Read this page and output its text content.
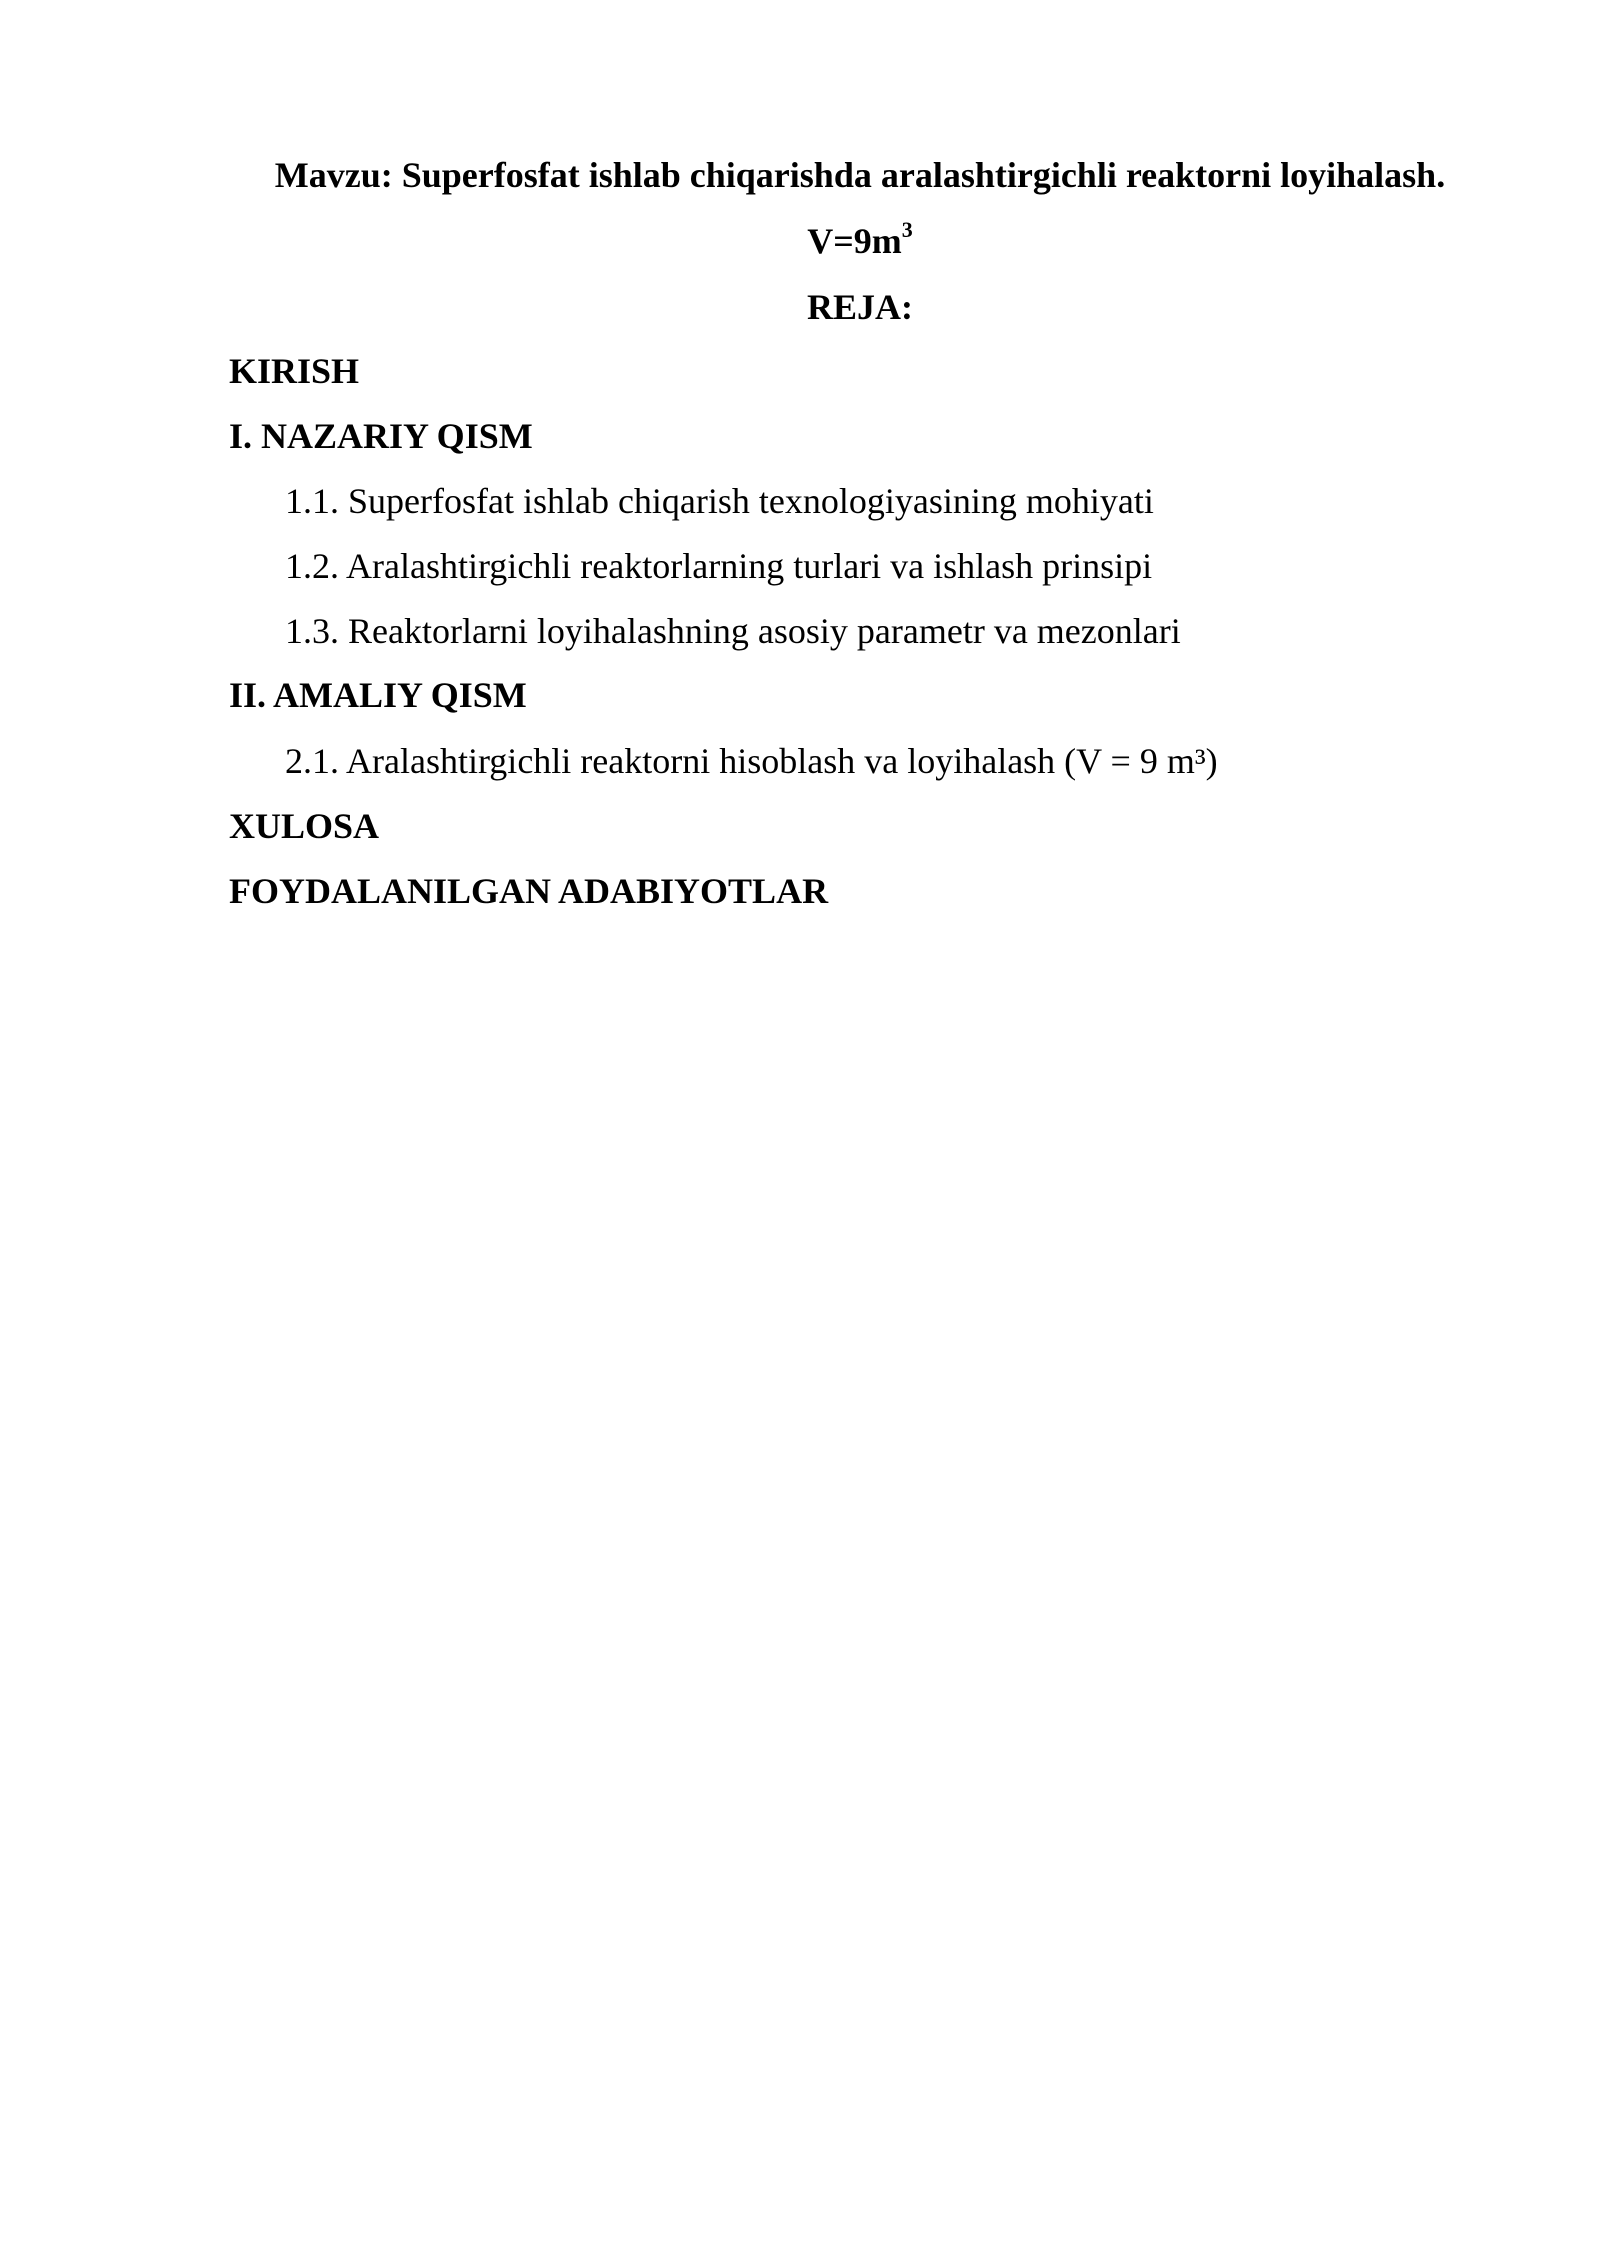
Mavzu: Superfosfat ishlab chiqarishda aralashtirgichli reaktorni loyihalash.
$V=9m^3$
REJA:
KIRISH
I. NAZARIY QISM
1.1. Superfosfat ishlab chiqarish texnologiyasining mohiyati
1.2. Aralashtirgichli reaktorlarning turlari va ishlash prinsipi
1.3. Reaktorlarni loyihalashning asosiy parametr va mezonlari
II. AMALIY QISM
2.1. Aralashtirgichli reaktorni hisoblash va loyihalash (V = 9 m³)
XULOSA
FOYDALANILGAN ADABIYOTLAR
